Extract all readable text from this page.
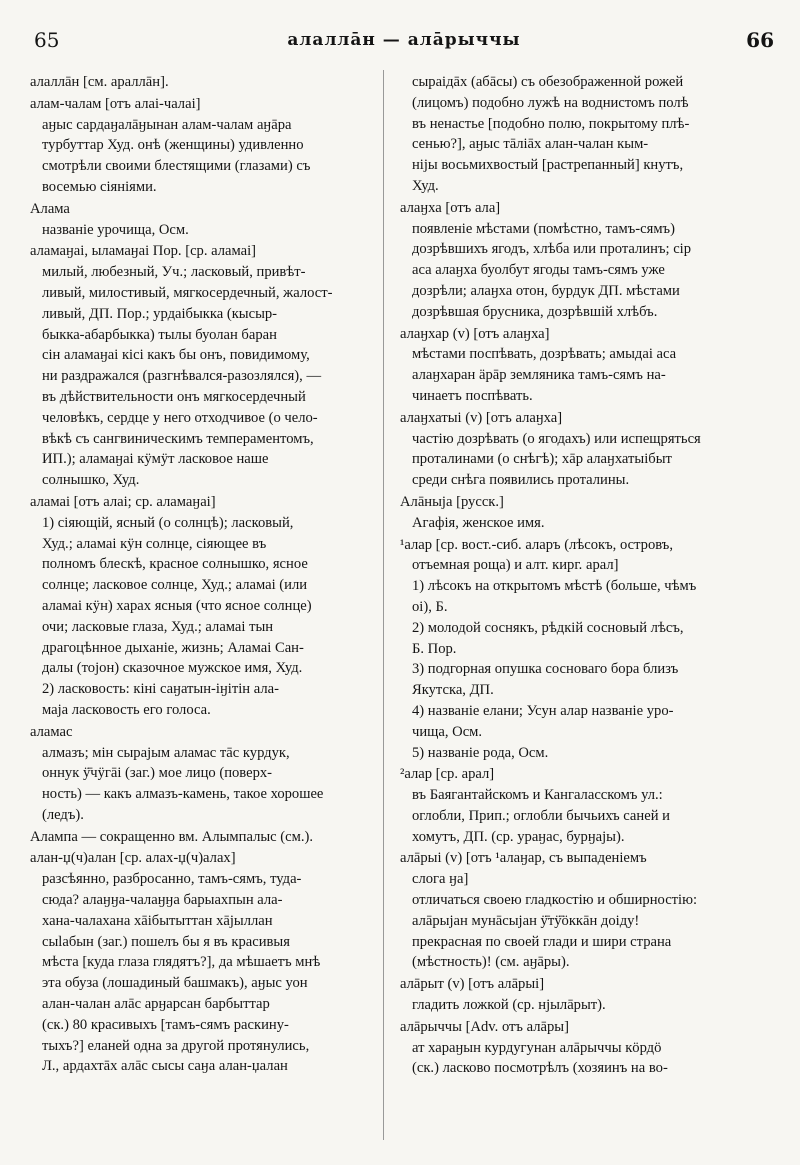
65	алаллāн — алāрыччы	66
алаллāн [см. араллāн].
алам-чалам [отъ алаі-чалаі]
аӈыс сардаӈалāӈынан алам-чалам аӈāра
турбуттар Худ. онѣ (женщины) удивленно
смотрѣли своими блестящими (глазами) съ
восемью сіяніями.
Алама
названіе урочища, Осм.
аламаӈаі, ыламаӈаі Пор. [ср. аламаі]
милый, любезный, Уч.; ласковый, привѣт-
ливый, милостивый, мягкосердечный, жалост-
ливый, ДП. Пор.; урдаібыкка (кысыр-
быкка-абарбыкка) тылы буолан баран
сін аламаӈаі кісі какъ бы онъ, повидимому,
ни раздражался (разгнѣвался-разозлялся), —
въ дѣйствительности онъ мягкосердечный
человѣкъ, сердце у него отходчивое (о чело-
вѣкѣ съ сангвиническимъ темпераментомъ,
ИП.); аламаӈаі кӱмӱт ласковое наше
солнышко, Худ.
аламаі [отъ алаі; ср. аламаӈаі]
1) сіяющій, ясный (о солнцѣ); ласковый,
Худ.; аламаі кӱн солнце, сіяющее въ
полномъ блескѣ, красное солнышко, ясное
солнце; ласковое солнце, Худ.; аламаі (или
аламаі кӱн) харах ясныя (что ясное солнце)
очи; ласковые глаза, Худ.; аламаі тын
драгоцѣнное дыханіе, жизнь; Аламаі Сан-
далы (тојон) сказочное мужское имя, Худ.
2) ласковость: кіні саӈатын-іӈітін ала-
маја ласковость его голоса.
аламас
алмазъ; мін сырајым аламас тāс курдук,
оннук ӱ̄чӱгāі (заг.) мое лицо (поверх-
ность) — какъ алмазъ-камень, такое хорошее
(ледъ).
Алампа — сокращенно вм. Алымпалыс (см.).
алан-џ(ч)алан [ср. алах-џ(ч)алах]
разсѣянно, разбросанно, тамъ-сямъ, туда-
сюда? алаӈӈа-чалаӈӈа барыахпын ала-
хана-чалахана хāібытыттан хāјыллан
сыӏабын (заг.) пошелъ бы я въ красивыя
мѣста [куда глаза глядятъ?], да мѣшаетъ мнѣ
эта обуза (лошадиный башмакъ), аӈыс уон
алан-чалан алāс арӈарсан барбыттар
(ск.) 80 красивыхъ [тамъ-сямъ раскину-
тыхъ?] еланей одна за другой протянулись,
Л., ардахтāх алāс сысы саӈа алан-џалан
сыраідāх (абāсы) съ обезображенной рожей
(лицомъ) подобно лужѣ на воднистомъ полѣ
въ ненастье [подобно полю, покрытому плѣ-
сенью?], аӈыс тāліāх алан-чалан кым-
ніјы восьмихвостый [растрепанный] кнутъ,
Худ.
алаӈха [отъ ала]
появленіе мѣстами (помѣстно, тамъ-сямъ)
дозрѣвшихъ ягодъ, хлѣба или проталинъ; сір
аса алаӈха буолбут ягоды тамъ-сямъ уже
дозрѣли; алаӈха отон, бурдук ДП. мѣстами
дозрѣвшая брусника, дозрѣвшій хлѣбъ.
алаӈхар (v) [отъ алаӈха]
мѣстами поспѣвать, дозрѣвать; амыдаі аса
алаӈхаран ӓрāр земляника тамъ-сямъ на-
чинаетъ поспѣвать.
алаӈхатыі (v) [отъ алаӈха]
частію дозрѣвать (о ягодахъ) или испещряться
проталинами (о снѣгѣ); хāр алаӈхатыібыт
среди снѣга появились проталины.
Алāныја [русск.]
Агафія, женское имя.
¹алар [ср. вост.-сиб. аларъ (лѣсокъ, островъ,
отъемная роща) и алт. кирг. арал]
1) лѣсокъ на открытомъ мѣстѣ (больше, чѣмъ
оі), Б.
2) молодой соснякъ, рѣдкій сосновый лѣсъ,
Б. Пор.
3) подгорная опушка сосноваго бора близъ
Якутска, ДП.
4) названіе елани; Усун алар названіе уро-
чища, Осм.
5) названіе рода, Осм.
²алар [ср. арал]
въ Баягантайскомъ и Кангаласскомъ ул.:
оглобли, Прип.; оглобли бычьихъ саней и
хомутъ, ДП. (ср. ураӈас, бурӈајы).
алāрыі (v) [отъ ¹алаӈар, съ выпаденіемъ
слога ӈа]
отличаться своею гладкостію и обширностію:
алāрыјан мунāсыјан ӱ̄тӱ̄öккāн доіду!
прекрасная по своей глади и шири страна
(мѣстность)! (см. аӈāры).
алāрыт (v) [отъ алāрыі]
гладить ложкой (ср. нјылāрыт).
алāрыччы [Adv. отъ алāры]
ат хараӈын курдугунан алāрыччы кöрдö
(ск.) ласково посмотрѣлъ (хозяинъ на во-
